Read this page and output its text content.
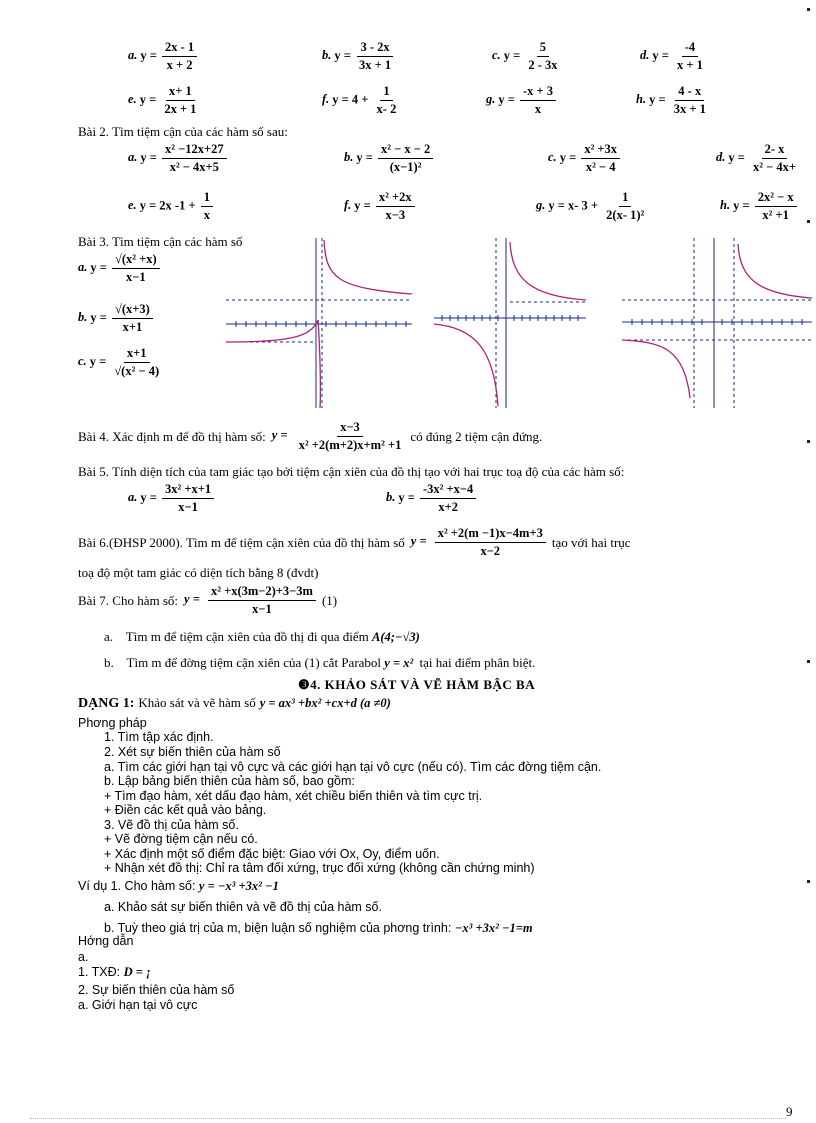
a. $y = \frac{2x - 1}{x + 2}$	b. $y = \frac{3 - 2x}{3x + 1}$	c. $y = \frac{5}{2 - 3x}$	d. $y = \frac{-4}{x + 1}$
e. $y = \frac{x+ 1}{2x + 1}$	f. $y = 4 + \frac{1}{x- 2}$	g. $y = \frac{-x + 3}{x}$	h. $y = \frac{4 - x}{3x + 1}$
Bài 2. Tìm tiệm cận của các hàm số sau:
a. $y = \frac{\text{x² −12x+27}}{\text{x² − 4x+5}}$	b. $y = \frac{\text{x² − x − 2}}{\text{(x−1)²}}$	c. $y = \frac{\text{x² +3x}}{\text{x² − 4}}$	d. $y = \frac{2- x}{\text{x² − 4x+}}$
e. y = 2x $-1 + \frac{1}{x}$	f. $y = \frac{\text{x² +2x}}{x-3}$	g. y = x- $3 + \frac{1}{\text{2(x- 1)²}}$	h. $y = \frac{\text{2x² − x}}{\text{x² +1}}$
Bài 3. Tìm tiệm cận các hàm số
a. $y = \frac{\text{√(x² +x)}}{x-1}$
b. $y = \frac{√(x+3)}{x+1}$
c. $y = \frac{x+1}{\text{√(x² − 4)}}$
Bài 4. Xác định m để đồ thị hàm số: $y = \frac{x-3}{\text{x² +2(m+2)x+m² +1}}$ có đúng 2 tiệm cận đứng.
Bài 5. Tính diện tích của tam giác tạo bởi tiệm cận xiên của đồ thị tạo với hai trục toạ độ của các hàm số:
a. $y = \frac{\text{3x² +x+1}}{x-1}$	b. $y = \frac{\text{-3x² +x−4}}{x+2}$
Bài 6.(ĐHSP 2000). Tìm m để tiệm cận xiên của đồ thị hàm số $y = \frac{\text{x² +2(m −1)x−4m+3}}{x-2}$ tạo với hai trục
toạ độ một tam giác có diện tích bằng 8 (đvdt)
Bài 7. Cho hàm số: $y = \frac{\text{x² +x(3m−2)+3−3m}}{x-1} (1)$
a. Tìm m để tiệm cận xiên của đồ thị đi qua điểm A(4;−√3)
b. Tìm m để đờng tiệm cận xiên của (1) cắt Parabol y = x² tại hai điểm phân biệt.
❸4. KHẢO SÁT VÀ VẼ HÀM BẬC BA
DẠNG 1: Khảo sát và vẽ hàm số y = ax³ +bx² +cx+d (a ≠0)
Phơng pháp
1. Tìm tập xác định.
2. Xét sự biến thiên của hàm số
a. Tìm các giới hạn tại vô cực và các giới hạn tại vô cực (nếu có). Tìm các đờng tiệm cận.
b. Lập bảng biến thiên của hàm số, bao gồm:
+ Tìm đạo hàm, xét dấu đạo hàm, xét chiều biến thiên và tìm cực trị.
+ Điền các kết quả vào bảng.
3. Vẽ đồ thị của hàm số.
+ Vẽ đờng tiệm cận nếu có.
+ Xác định một số điểm đặc biệt: Giao với Ox, Oy, điểm uốn.
+ Nhận xét đồ thị: Chỉ ra tâm đối xứng, trục đối xứng (không cần chứng minh)
Ví dụ 1. Cho hàm số: y = −x³ +3x² −1
a. Khảo sát sự biến thiên và vẽ đồ thị của hàm số.
b. Tuỳ theo giá trị của m, biện luận số nghiệm của phơng trình: −x³ +3x² −1=m
Hớng dẫn
a.
1. TXĐ: D = ¡
2. Sự biến thiên của hàm số
a. Giới hạn tại vô cực
9
